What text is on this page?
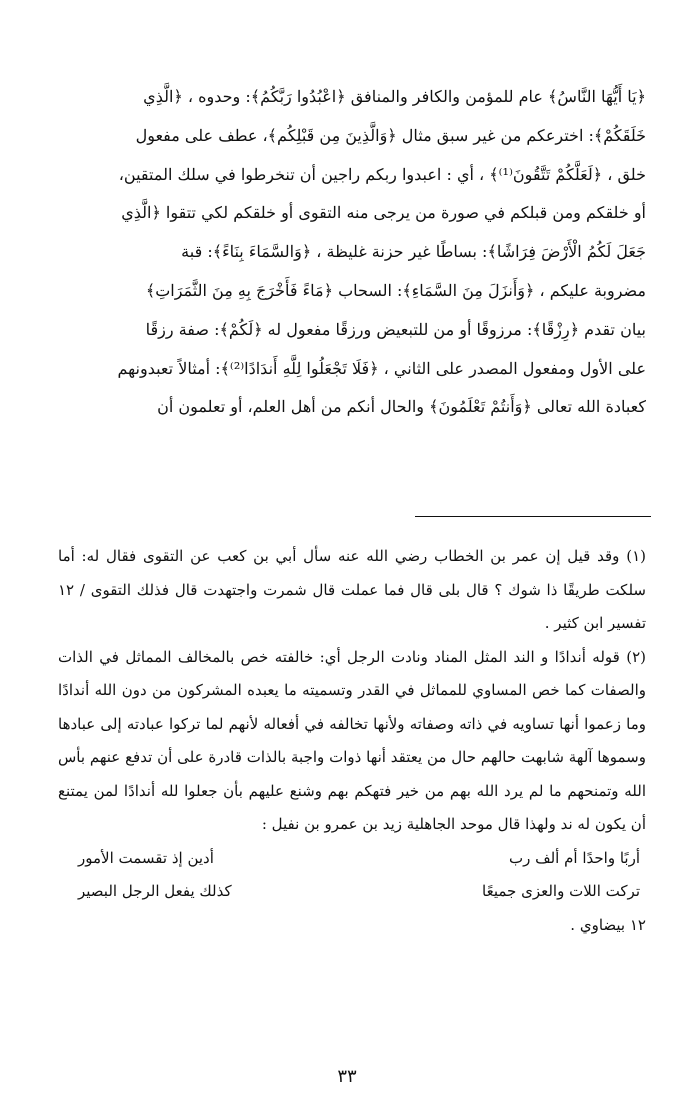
﴿يَا أَيُّهَا النَّاسُ﴾ عام للمؤمن والكافر والمنافق ﴿اعْبُدُوا رَبَّكُمُ﴾: وحدوه ، ﴿الَّذِي

خَلَقَكُمْ﴾: اخترعكم من غير سبق مثال ﴿وَالَّذِينَ مِن قَبْلِكُم﴾، عطف على مفعول

خلق ، ﴿لَعَلَّكُمْ تَتَّقُونَ⁽¹⁾﴾ ، أي : اعبدوا ربكم راجين أن تنخرطوا في سلك المتقين،

أو خلقكم ومن قبلكم في صورة من يرجى منه التقوى أو خلقكم لكي تتقوا ﴿الَّذِي

جَعَلَ لَكُمُ الْأَرْضَ فِرَاشًا﴾: بساطًا غير حزنة غليظة ، ﴿وَالسَّمَاءَ بِنَاءً﴾: قبة

مضروبة عليكم ، ﴿وَأَنزَلَ مِنَ السَّمَاءِ﴾: السحاب ﴿مَاءً فَأَخْرَجَ بِهِ مِنَ الثَّمَرَاتِ﴾

بيان تقدم ﴿رِزْقًا﴾: مرزوقًا أو من للتبعيض ورزقًا مفعول له ﴿لَكُمْ﴾: صفة رزقًا

على الأول ومفعول المصدر على الثاني ، ﴿فَلَا تَجْعَلُوا لِلَّهِ أَندَادًا⁽²⁾﴾: أمثالاً تعبدونهم

كعبادة الله تعالى ﴿وَأَنتُمْ تَعْلَمُونَ﴾ والحال أنكم من أهل العلم، أو تعلمون أن

(١) وقد قيل إن عمر بن الخطاب رضي الله عنه سأل أبي بن كعب عن التقوى فقال له: أما سلكت طريقًا ذا شوك ؟ قال بلى قال فما عملت قال شمرت واجتهدت قال فذلك التقوى / ١٢ تفسير ابن كثير .

(٢) قوله أندادًا و الند المثل المناد ونادت الرجل أي: خالفته خص بالمخالف المماثل في الذات والصفات كما خص المساوي للمماثل في القدر وتسميته ما يعبده المشركون من دون الله أندادًا وما زعموا أنها تساويه في ذاته وصفاته ولأنها تخالفه في أفعاله لأنهم لما تركوا عبادته إلى عبادها وسموها آلهة شابهت حالهم حال من يعتقد أنها ذوات واجبة بالذات قادرة على أن تدفع عنهم بأس الله وتمنحهم ما لم يرد الله بهم من خير فتهكم بهم وشنع عليهم بأن جعلوا لله أندادًا لمن يمتنع أن يكون له ند ولهذا قال موحد الجاهلية زيد بن عمرو بن نفيل :

أربًا واحدًا أم ألف رب
أدين إذ تقسمت الأمور
تركت اللات والعزى جميعًا
كذلك يفعل الرجل البصير

١٢ بيضاوي .

٣٣
